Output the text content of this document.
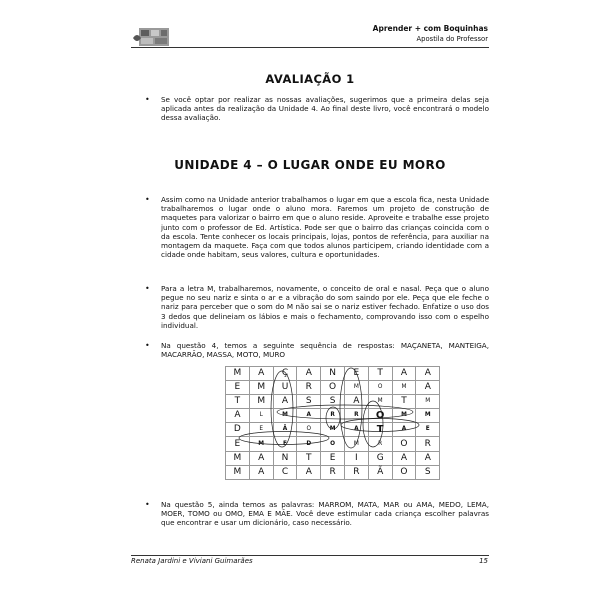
Aprender + com Boquinhas
Apostila do Professor
AVALIAÇÃO 1
• Se você optar por realizar as nossas avaliações, sugerimos que a primeira delas seja aplicada antes da realização da Unidade 4. Ao final deste livro, você encontrará o modelo dessa avaliação.

UNIDADE 4 – O LUGAR ONDE EU MORO
• Assim como na Unidade anterior trabalhamos o lugar em que a escola fica, nesta Unidade trabalharemos o lugar onde o aluno mora. Faremos um projeto de construção de maquetes para valorizar o bairro em que o aluno reside. Aproveite e trabalhe esse projeto junto com o professor de Ed. Artística. Pode ser que o bairro das crianças coincida com o da escola. Tente conhecer os locais principais, lojas, pontos de referência, para auxiliar na montagem da maquete. Faça com que todos alunos participem, criando identidade com a cidade onde habitam, seus valores, cultura e oportunidades.

• Para a letra M, trabalharemos, novamente, o conceito de oral e nasal. Peça que o aluno pegue no seu nariz e sinta o ar e a vibração do som saindo por ele. Peça que ele feche o nariz para perceber que o som do M não sai se o nariz estiver fechado. Enfatize o uso dos 3 dedos que delineiam os lábios e mais o fechamento, comprovando isso com o espelho individual.

• Na questão 4, temos a seguinte sequência de respostas: MAÇANETA, MANTEIGA, MACARRÃO, MASSA, MOTO, MURO

M	A	Ç	A	N	E	T	A	A
E	M	U	R	O	M	O	M	A
T	M	A	S	S	A	M	T	M
A	L	M	A	R	R	O	M	M
D	E	Ã	O	M	A	T	A	E
E	M	E	D	O	M	R	O	R
M	A	N	T	E	I	G	A	A
M	A	C	A	R	R	Ã	O	S
• Na questão 5, ainda temos as palavras: MARROM, MATA, MAR ou AMA, MEDO, LEMA, MOER, TOMO ou OMO, EMA E MÃE. Você deve estimular cada criança escolher palavras que encontrar e usar um dicionário, caso necessário.

Renata Jardini e Viviani Guimarães	15
